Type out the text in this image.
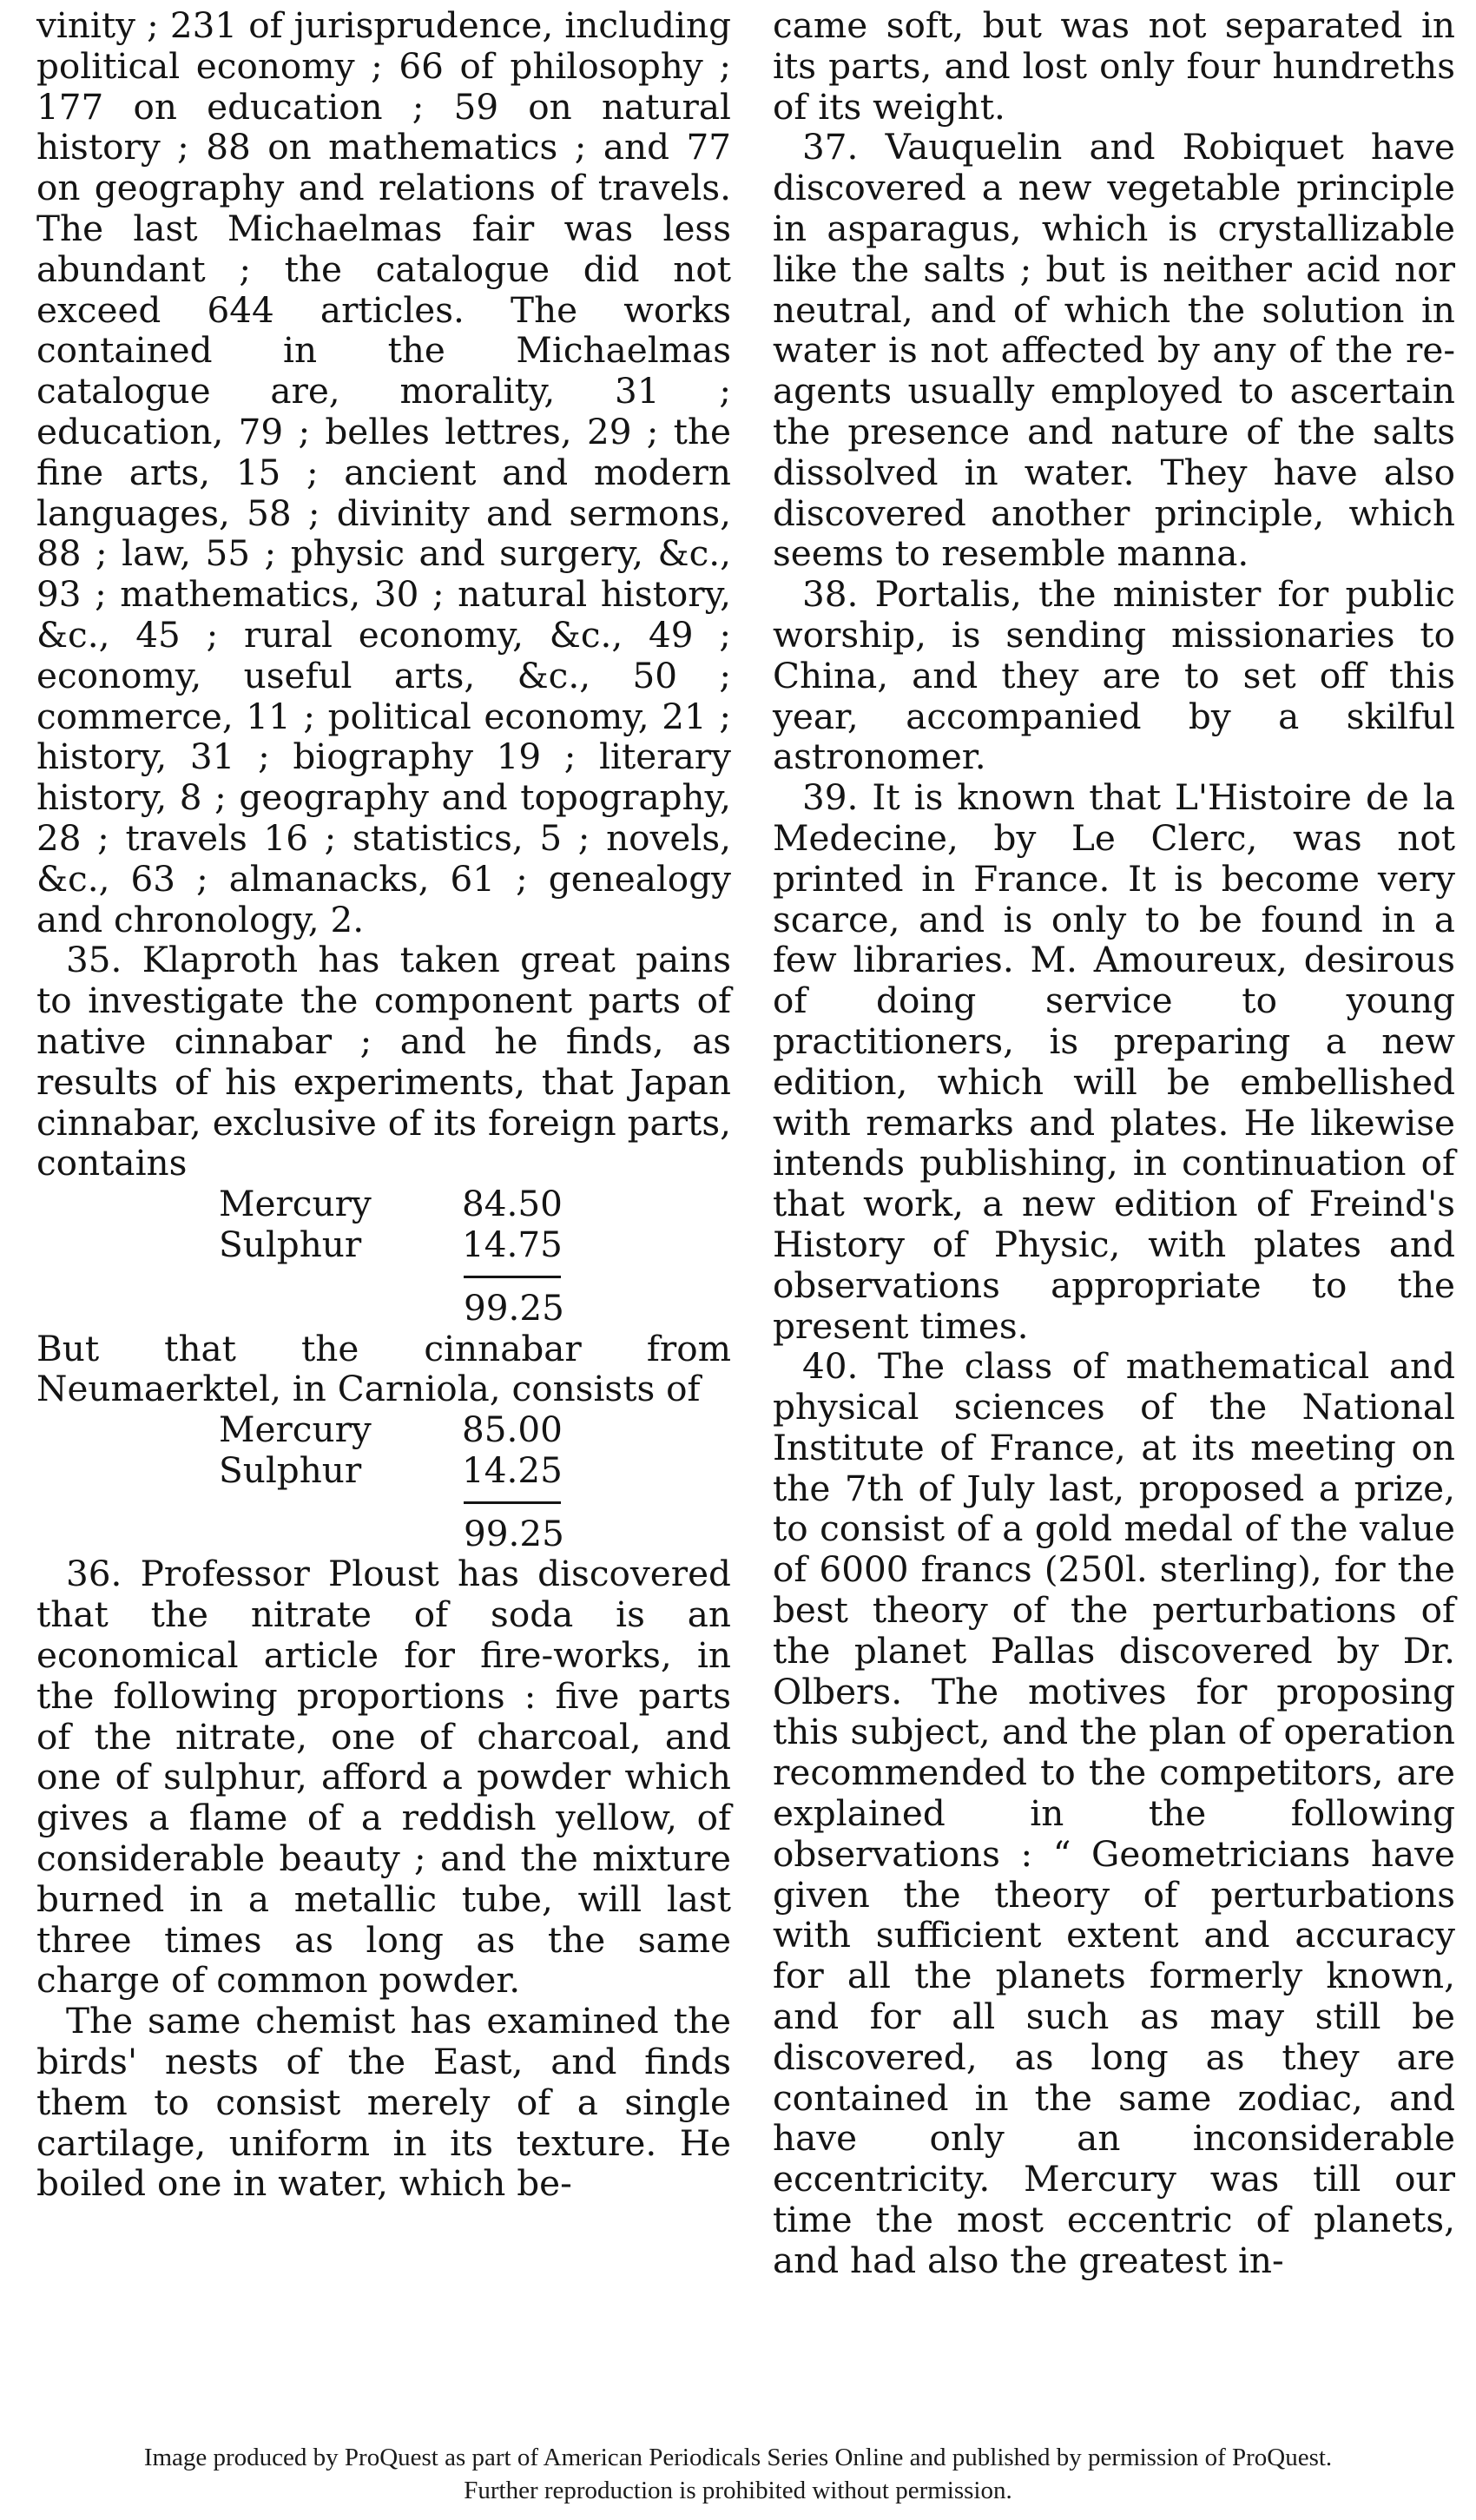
vinity ; 231 of jurisprudence, including political economy ; 66 of philosophy ; 177 on education ; 59 on natural history ; 88 on mathematics ; and 77 on geography and relations of travels. The last Michaelmas fair was less abundant ; the catalogue did not exceed 644 articles. The works contained in the Michaelmas catalogue are, morality, 31 ; education, 79 ; belles lettres, 29 ; the fine arts, 15 ; ancient and modern languages, 58 ; divinity and sermons, 88 ; law, 55 ; physic and surgery, &c., 93 ; mathematics, 30 ; natural history, &c., 45 ; rural economy, &c., 49 ; economy, useful arts, &c., 50 ; commerce, 11 ; political economy, 21 ; history, 31 ; biography 19 ; literary history, 8 ; geography and topography, 28 ; travels 16 ; statistics, 5 ; novels, &c., 63 ; almanacks, 61 ; genealogy and chronology, 2.

35. Klaproth has taken great pains to investigate the component parts of native cinnabar ; and he finds, as results of his experiments, that Japan cinnabar, exclusive of its foreign parts, contains

Mercury	84.50
Sulphur	14.75
99.25

But that the cinnabar from Neumaerktel, in Carniola, consists of

Mercury	85.00
Sulphur	14.25
99.25

36. Professor Ploust has discovered that the nitrate of soda is an economical article for fire-works, in the following proportions : five parts of the nitrate, one of charcoal, and one of sulphur, afford a powder which gives a flame of a reddish yellow, of considerable beauty ; and the mixture burned in a metallic tube, will last three times as long as the same charge of common powder.

The same chemist has examined the birds' nests of the East, and finds them to consist merely of a single cartilage, uniform in its texture. He boiled one in water, which be-

came soft, but was not separated in its parts, and lost only four hundreths of its weight.

37. Vauquelin and Robiquet have discovered a new vegetable principle in asparagus, which is crystallizable like the salts ; but is neither acid nor neutral, and of which the solution in water is not affected by any of the re-agents usually employed to ascertain the presence and nature of the salts dissolved in water. They have also discovered another principle, which seems to resemble manna.

38. Portalis, the minister for public worship, is sending missionaries to China, and they are to set off this year, accompanied by a skilful astronomer.

39. It is known that L'Histoire de la Medecine, by Le Clerc, was not printed in France. It is become very scarce, and is only to be found in a few libraries. M. Amoureux, desirous of doing service to young practitioners, is preparing a new edition, which will be embellished with remarks and plates. He likewise intends publishing, in continuation of that work, a new edition of Freind's History of Physic, with plates and observations appropriate to the present times.

40. The class of mathematical and physical sciences of the National Institute of France, at its meeting on the 7th of July last, proposed a prize, to consist of a gold medal of the value of 6000 francs (250l. sterling), for the best theory of the perturbations of the planet Pallas discovered by Dr. Olbers. The motives for proposing this subject, and the plan of operation recommended to the competitors, are explained in the following observations : “ Geometricians have given the theory of perturbations with sufficient extent and accuracy for all the planets formerly known, and for all such as may still be discovered, as long as they are contained in the same zodiac, and have only an inconsiderable eccentricity. Mercury was till our time the most eccentric of planets, and had also the greatest in-

Image produced by ProQuest as part of American Periodicals Series Online and published by permission of ProQuest.
Further reproduction is prohibited without permission.
